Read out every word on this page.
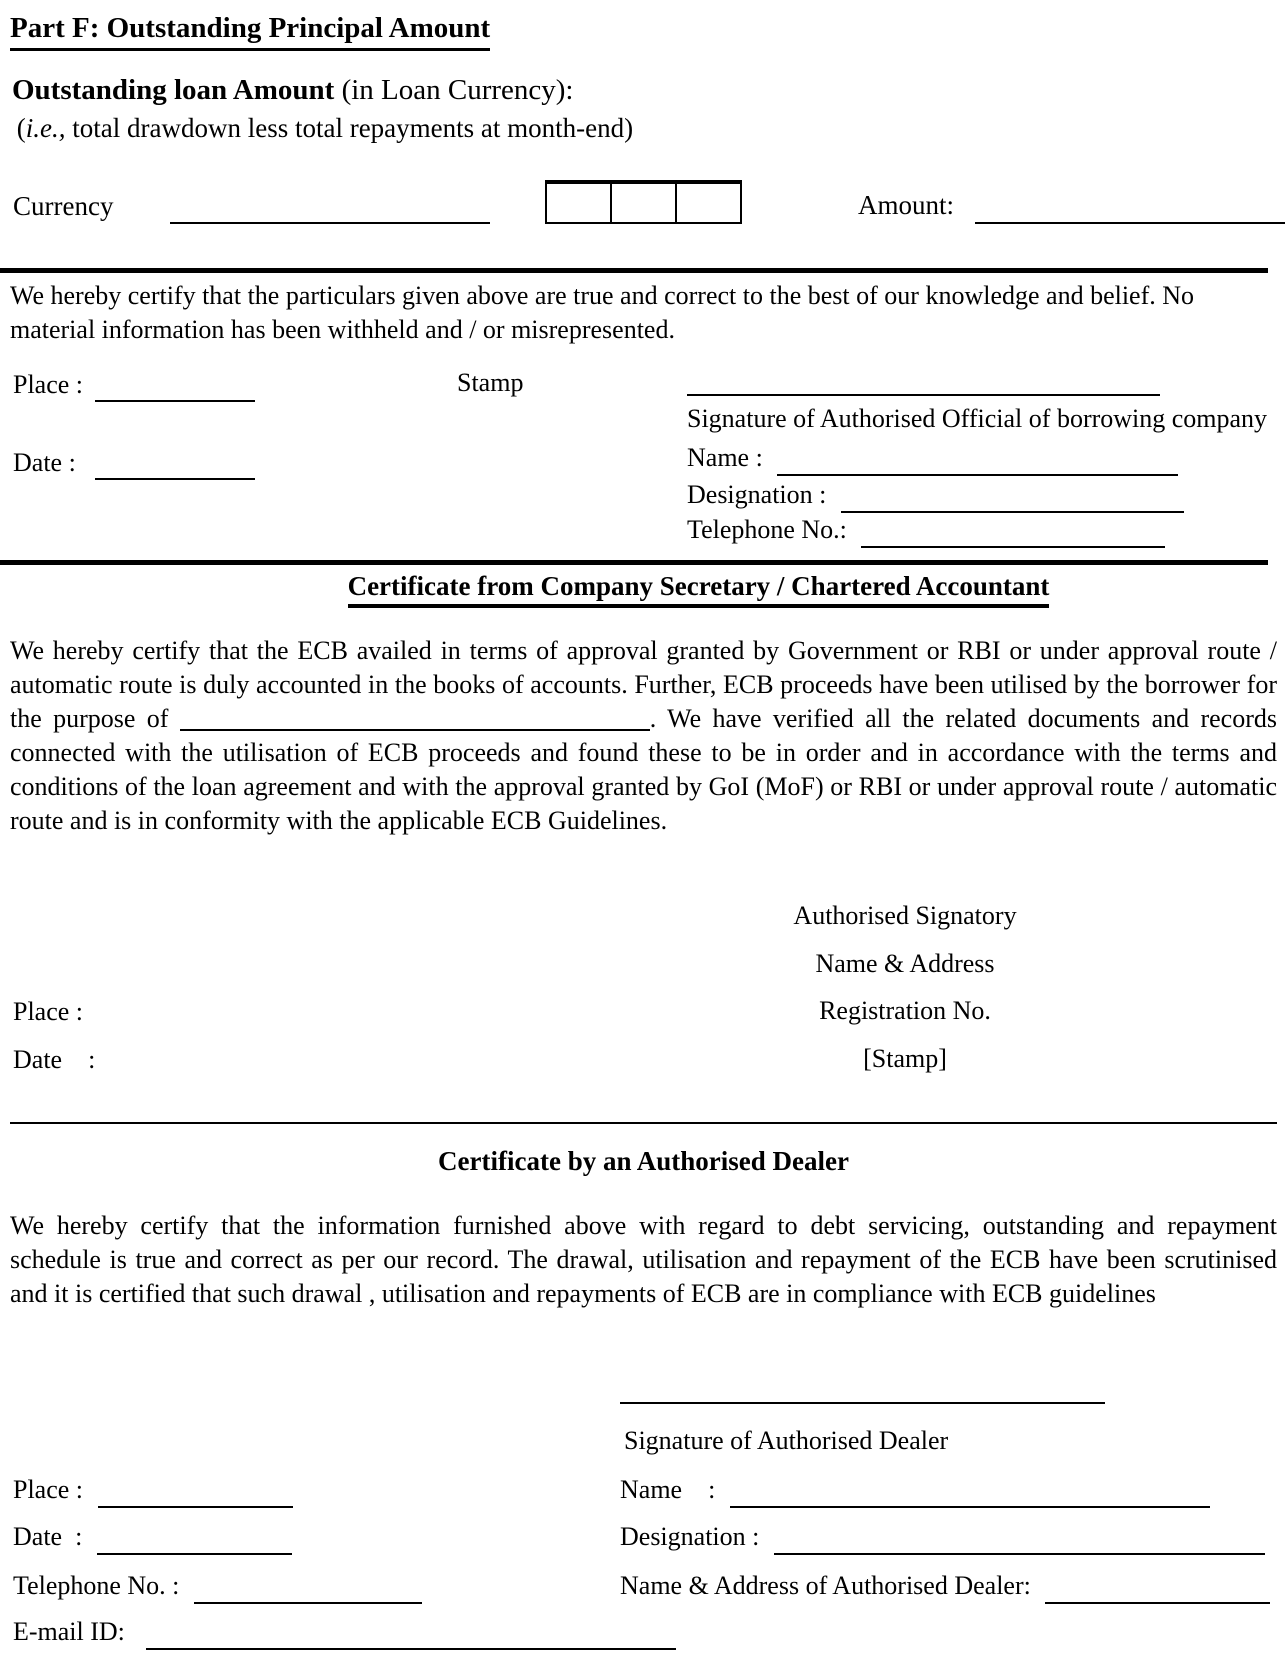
Part F: Outstanding Principal Amount
Outstanding loan Amount (in Loan Currency):
(i.e., total drawdown less total repayments at month-end)
Currency	Amount:
We hereby certify that the particulars given above are true and correct to the best of our knowledge and belief. No material information has been withheld and / or misrepresented.
Place :	Stamp
Signature of Authorised Official of borrowing company
Date :	Name :
Designation :
Telephone No.:
Certificate from Company Secretary / Chartered Accountant
We hereby certify that the ECB availed in terms of approval granted by Government or RBI or under approval route / automatic route is duly accounted in the books of accounts. Further, ECB proceeds have been utilised by the borrower for the purpose of	. We have verified all the related documents and records connected with the utilisation of ECB proceeds and found these to be in order and in accordance with the terms and conditions of the loan agreement and with the approval granted by GoI (MoF) or RBI or under approval route / automatic route and is in conformity with the applicable ECB Guidelines.
Authorised Signatory
Name & Address
Place :	Registration No.
Date    :	[Stamp]
Certificate by an Authorised Dealer
We hereby certify that the information furnished above with regard to debt servicing, outstanding and repayment schedule is true and correct as per our record. The drawal, utilisation and repayment of the ECB have been scrutinised and it is certified that such drawal , utilisation and repayments of ECB are in compliance with ECB guidelines
Signature of Authorised Dealer
Place :	Name    :
Date  :	Designation :
Telephone No. :	Name & Address of Authorised Dealer:
E-mail ID:
